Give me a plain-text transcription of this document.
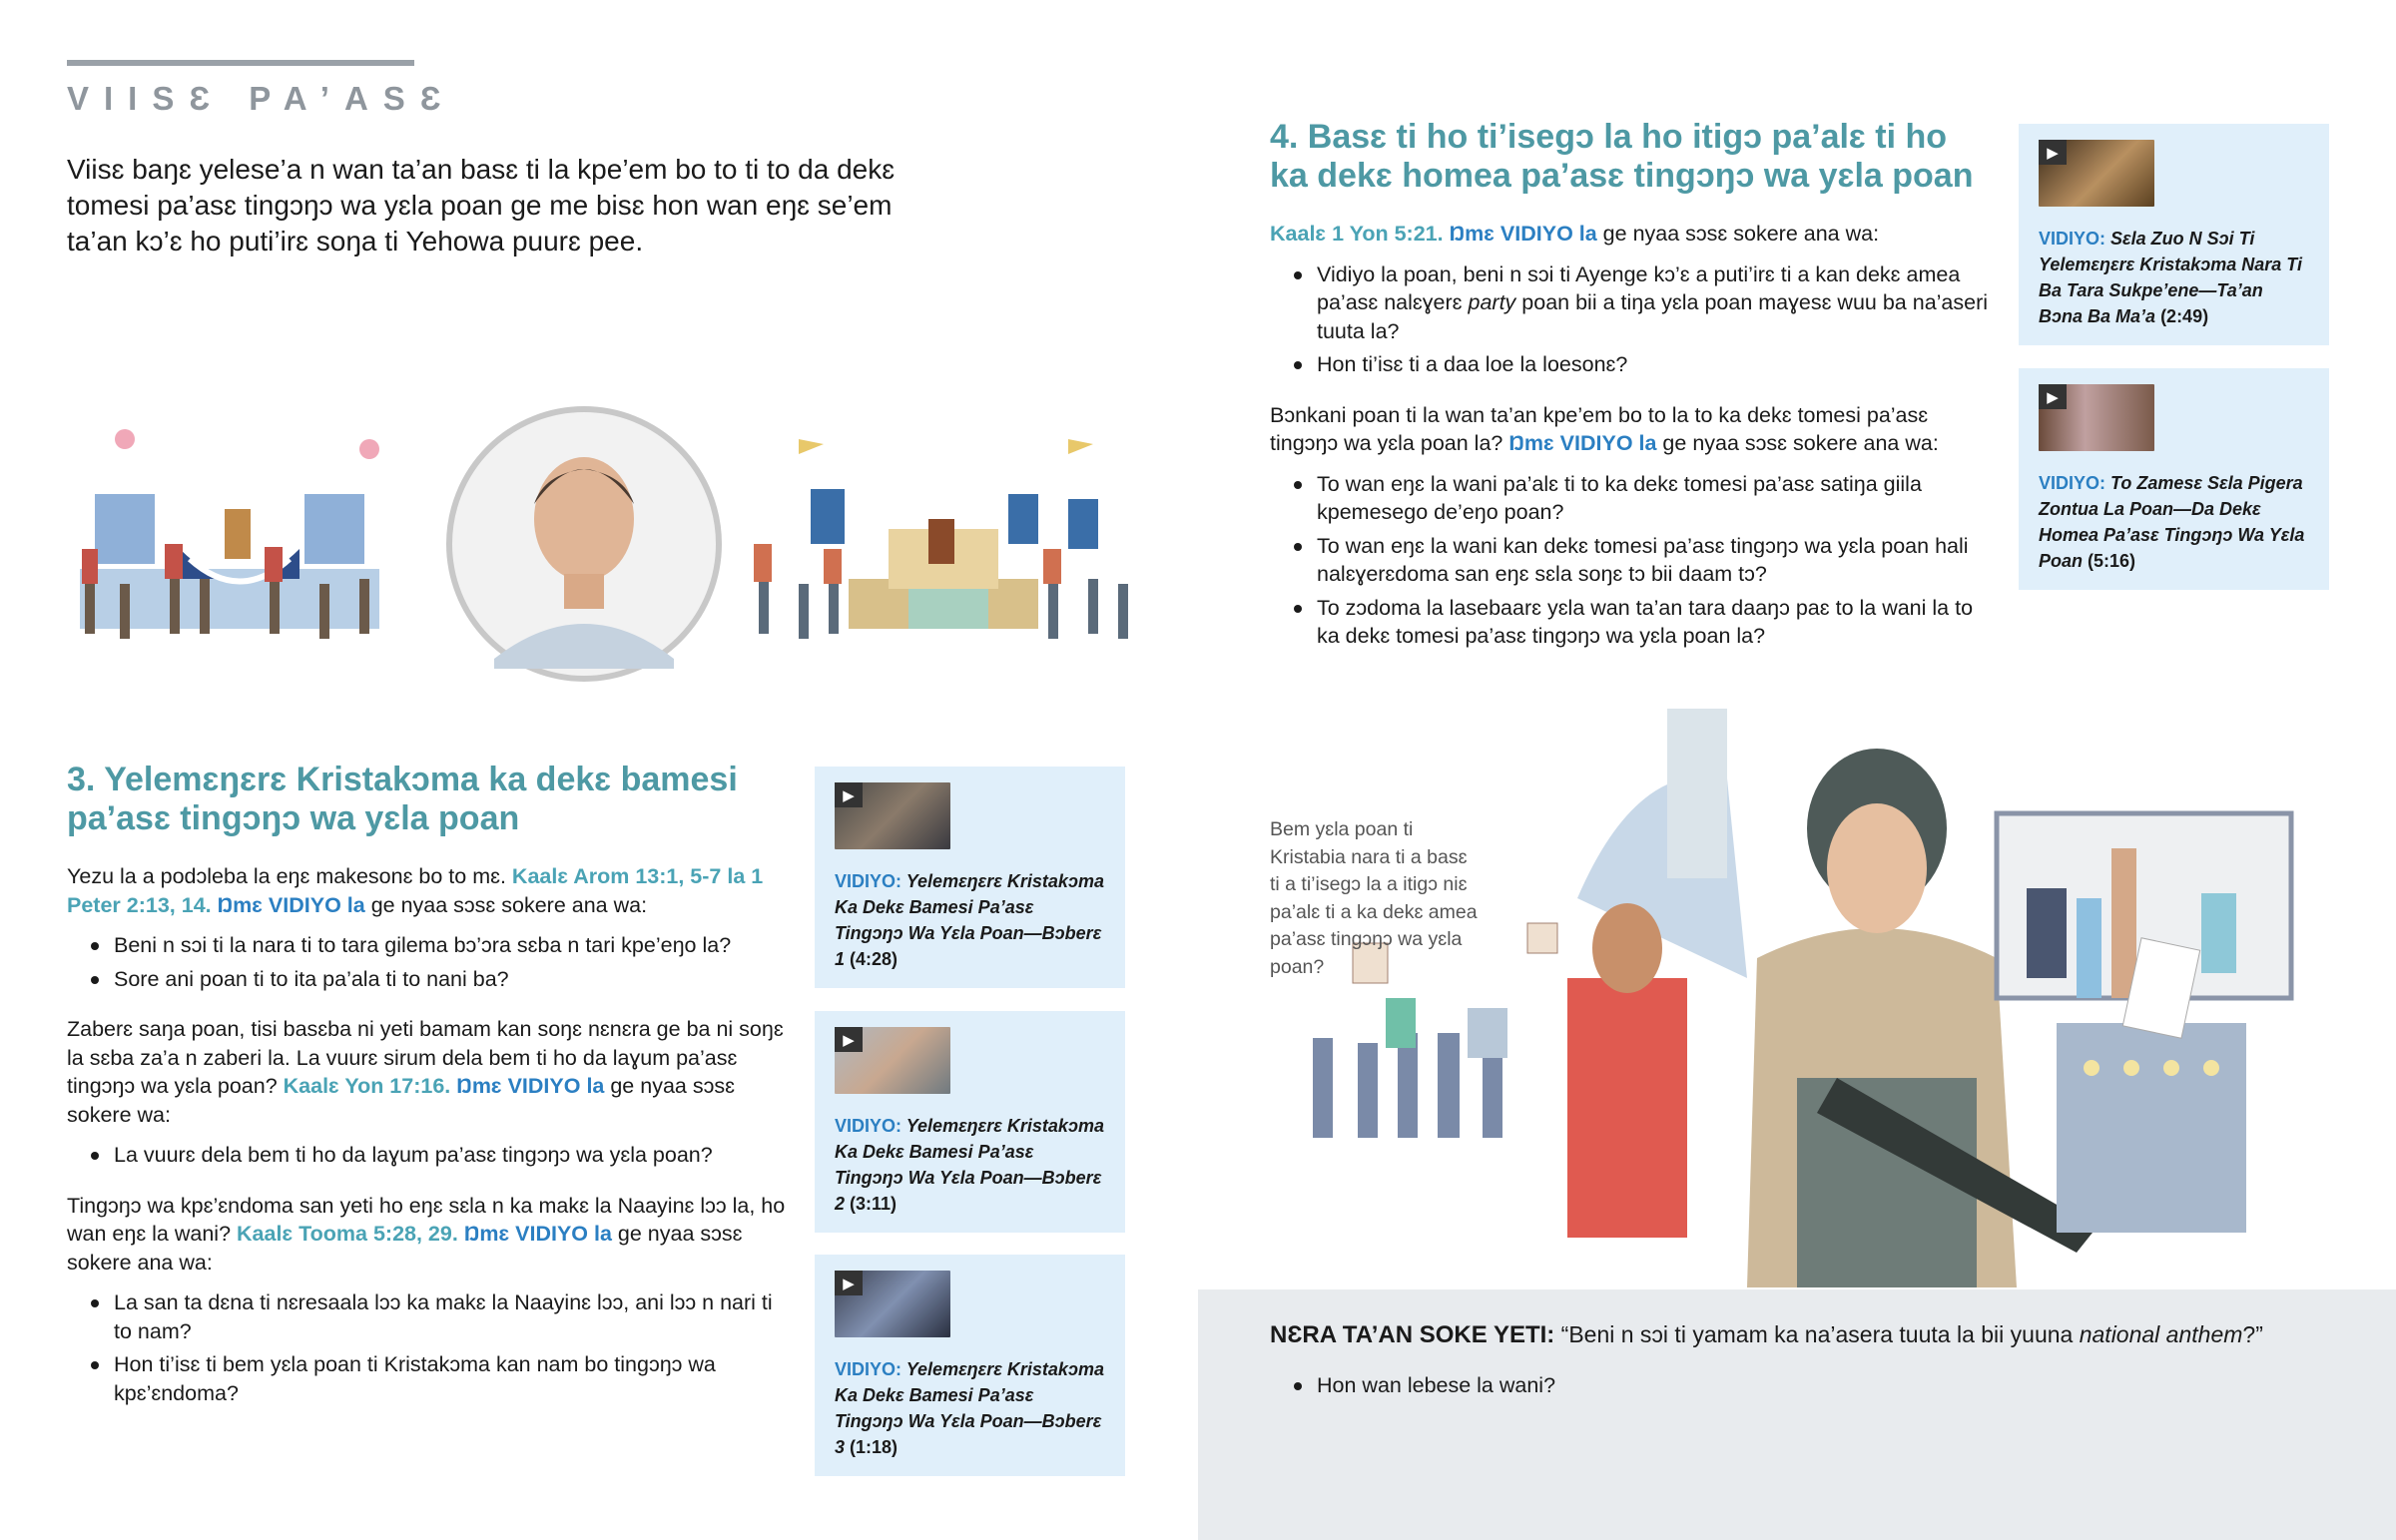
VIISƐ PA’ASƐ
Viisɛ baŋɛ yelese’a n wan ta’an basɛ ti la kpe’em bo to ti to da dekɛ tomesi pa’asɛ tingɔŋɔ wa yɛla poan ge me bisɛ hon wan eŋɛ se’em ta’an kɔ’ɛ ho puti’irɛ soŋa ti Yehowa puurɛ pee.
3. Yelemɛŋɛrɛ Kristakɔma ka dekɛ bamesi pa’asɛ tingɔŋɔ wa yɛla poan

Yezu la a podɔleba la eŋɛ makesonɛ bo to mɛ. Kaalɛ Arom 13:1, 5-7 la 1 Peter 2:13, 14. Ŋmɛ VIDIYO la ge nyaa sɔsɛ sokere ana wa:

Beni n sɔi ti la nara ti to tara gilema bɔ’ɔra sɛba n tari kpe’eŋo la?
Sore ani poan ti to ita pa’ala ti to nani ba?

Zaberɛ saŋa poan, tisi basɛba ni yeti bamam kan soŋɛ nɛnɛra ge ba ni soŋɛ la sɛba za’a n zaberi la. La vuurɛ sirum dela bem ti ho da laɣum pa’asɛ tingɔŋɔ wa yɛla poan? Kaalɛ Yon 17:16. Ŋmɛ VIDIYO la ge nyaa sɔsɛ sokere wa:

La vuurɛ dela bem ti ho da laɣum pa’asɛ tingɔŋɔ wa yɛla poan?

Tingɔŋɔ wa kpɛ’ɛndoma san yeti ho eŋɛ sɛla n ka makɛ la Naayinɛ lɔɔ la, ho wan eŋɛ la wani? Kaalɛ Tooma 5:28, 29. Ŋmɛ VIDIYO la ge nyaa sɔsɛ sokere ana wa:

La san ta dɛna ti nɛresaala lɔɔ ka makɛ la Naayinɛ lɔɔ, ani lɔɔ n nari ti to nam?
Hon ti’isɛ ti bem yɛla poan ti Kristakɔma kan nam bo tingɔŋɔ wa kpɛ’ɛndoma?
▶
VIDIYO: Yelemɛŋɛrɛ Kristakɔma Ka Dekɛ Bamesi Pa’asɛ Tingɔŋɔ Wa Yɛla Poan—Bɔberɛ 1 (4:28)
▶
VIDIYO: Yelemɛŋɛrɛ Kristakɔma Ka Dekɛ Bamesi Pa’asɛ Tingɔŋɔ Wa Yɛla Poan—Bɔberɛ 2 (3:11)
▶
VIDIYO: Yelemɛŋɛrɛ Kristakɔma Ka Dekɛ Bamesi Pa’asɛ Tingɔŋɔ Wa Yɛla Poan—Bɔberɛ 3 (1:18)
4. Basɛ ti ho ti’isegɔ la ho itigɔ pa’alɛ ti ho ka dekɛ homea pa’asɛ tingɔŋɔ wa yɛla poan

Kaalɛ 1 Yon 5:21. Ŋmɛ VIDIYO la ge nyaa sɔsɛ sokere ana wa:

Vidiyo la poan, beni n sɔi ti Ayenge kɔ’ɛ a puti’irɛ ti a kan dekɛ amea pa’asɛ nalɛɣerɛ party poan bii a tiŋa yɛla poan maɣesɛ wuu ba na’aseri tuuta la?
Hon ti’isɛ ti a daa loe la loesonɛ?

Bɔnkani poan ti la wan ta’an kpe’em bo to la to ka dekɛ tomesi pa’asɛ tingɔŋɔ wa yɛla poan la? Ŋmɛ VIDIYO la ge nyaa sɔsɛ sokere ana wa:

To wan eŋɛ la wani pa’alɛ ti to ka dekɛ tomesi pa’asɛ satiŋa giila kpemesego de’eŋo poan?
To wan eŋɛ la wani kan dekɛ tomesi pa’asɛ tingɔŋɔ wa yɛla poan hali nalɛɣerɛdoma san eŋɛ sɛla soŋɛ tɔ bii daam tɔ?
To zɔdoma la lasebaarɛ yɛla wan ta’an tara daaŋɔ paɛ to la wani la to ka dekɛ tomesi pa’asɛ tingɔŋɔ wa yɛla poan la?
▶
VIDIYO: Sɛla Zuo N Sɔi Ti Yelemɛŋɛrɛ Kristakɔma Nara Ti Ba Tara Sukpe’ene—Ta’an Bɔna Ba Ma’a (2:49)
▶
VIDIYO: To Zamesɛ Sɛla Pigera Zontua La Poan—Da Dekɛ Homea Pa’asɛ Tingɔŋɔ Wa Yɛla Poan (5:16)
Bem yɛla poan ti Kristabia nara ti a basɛ ti a ti’isegɔ la a itigɔ niɛ pa’alɛ ti a ka dekɛ amea pa’asɛ tingɔŋɔ wa yɛla poan?
NƐRA TA’AN SOKE YETI: “Beni n sɔi ti yamam ka na’asera tuuta la bii yuuna national anthem?”
Hon wan lebese la wani?
